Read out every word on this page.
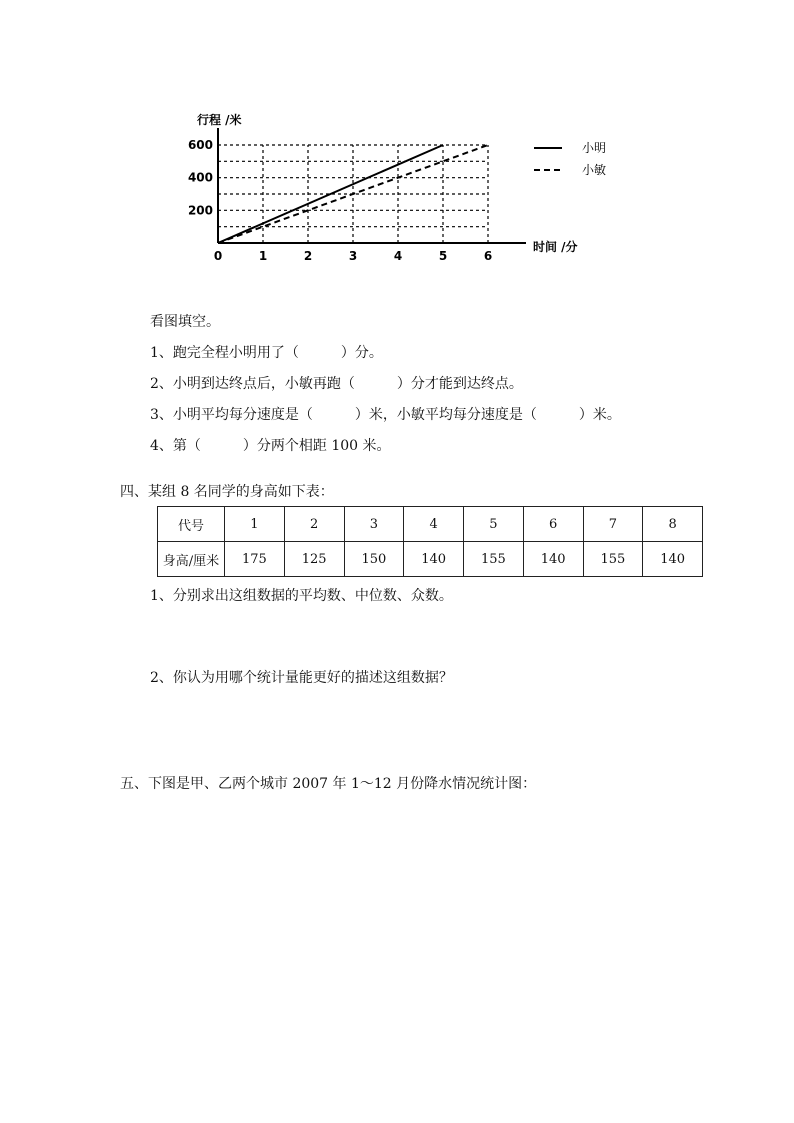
0	1	2	3	4	5	6
200
400
600
行程 /米
时间 /分
小明
小敏
看图填空。
1、跑完全程小明用了（　　　）分。
2、小明到达终点后，小敏再跑（　　　）分才能到达终点。
3、小明平均每分速度是（　　　）米，小敏平均每分速度是（　　　）米。
4、第（　　　）分两个相距 100 米。
四、某组 8 名同学的身高如下表：
代号	1	2	3	4	5	6	7	8
身高/厘米	175	125	150	140	155	140	155	140
1、分别求出这组数据的平均数、中位数、众数。
2、你认为用哪个统计量能更好的描述这组数据？
五、下图是甲、乙两个城市 2007 年 1～12 月份降水情况统计图：
